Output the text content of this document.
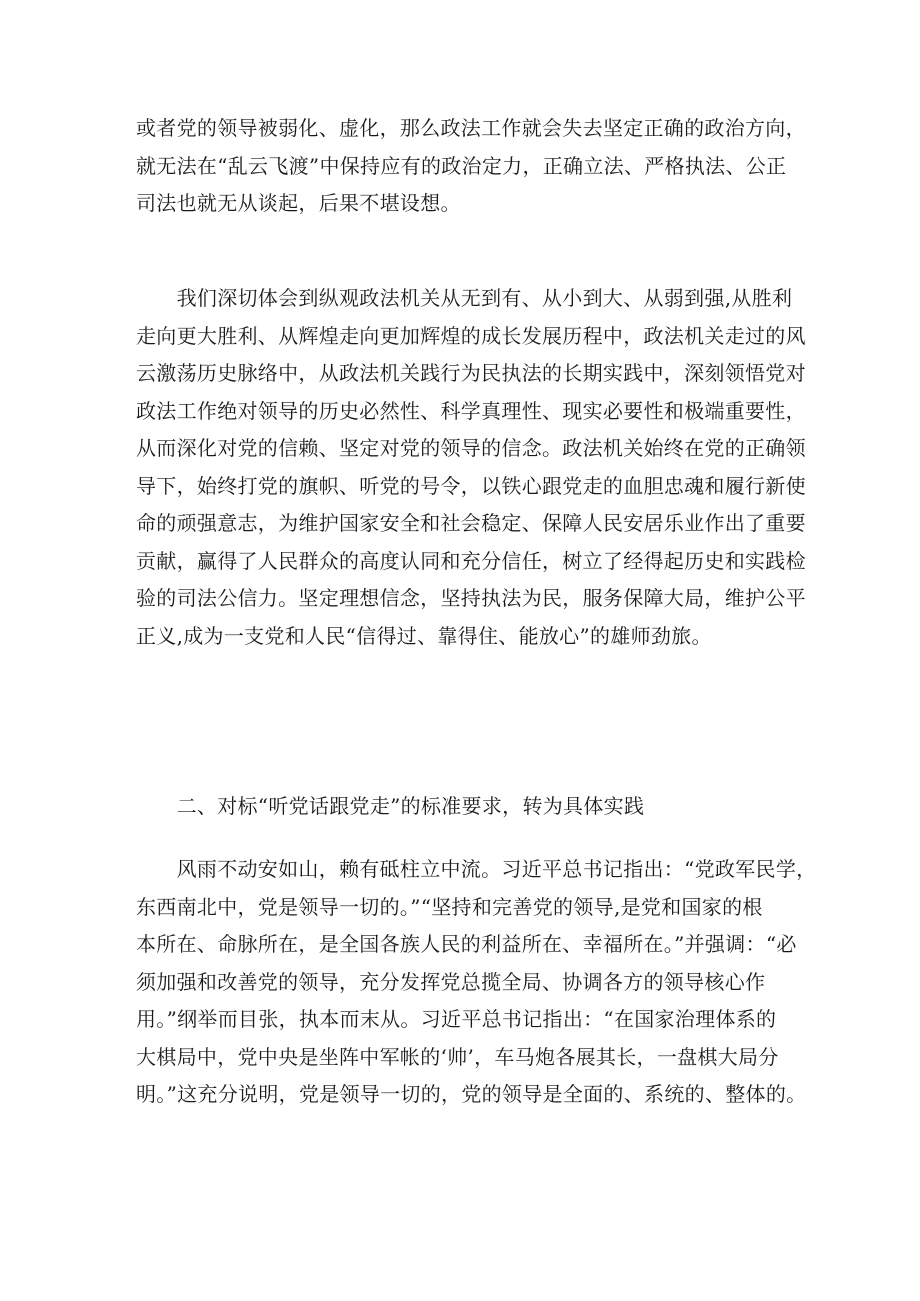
或者党的领导被弱化、虚化，那么政法工作就会失去坚定正确的政治方向，
就无法在“乱云飞渡”中保持应有的政治定力，正确立法、严格执法、公正
司法也就无从谈起，后果不堪设想。
　　我们深切体会到纵观政法机关从无到有、从小到大、从弱到强,从胜利
走向更大胜利、从辉煌走向更加辉煌的成长发展历程中，政法机关走过的风
云激荡历史脉络中，从政法机关践行为民执法的长期实践中，深刻领悟党对
政法工作绝对领导的历史必然性、科学真理性、现实必要性和极端重要性，
从而深化对党的信赖、坚定对党的领导的信念。政法机关始终在党的正确领
导下，始终打党的旗帜、听党的号令，以铁心跟党走的血胆忠魂和履行新使
命的顽强意志，为维护国家安全和社会稳定、保障人民安居乐业作出了重要
贡献，赢得了人民群众的高度认同和充分信任，树立了经得起历史和实践检
验的司法公信力。坚定理想信念，坚持执法为民，服务保障大局，维护公平
正义,成为一支党和人民“信得过、靠得住、能放心”的雄师劲旅。
　　二、对标“听党话跟党走”的标准要求，转为具体实践
　　风雨不动安如山，赖有砥柱立中流。习近平总书记指出：“党政军民学，
东西南北中，党是领导一切的。”“坚持和完善党的领导,是党和国家的根
本所在、命脉所在，是全国各族人民的利益所在、幸福所在。”并强调：“必
须加强和改善党的领导，充分发挥党总揽全局、协调各方的领导核心作
用。”纲举而目张，执本而末从。习近平总书记指出：“在国家治理体系的
大棋局中，党中央是坐阵中军帐的‘帅’，车马炮各展其长，一盘棋大局分
明。”这充分说明，党是领导一切的，党的领导是全面的、系统的、整体的。
